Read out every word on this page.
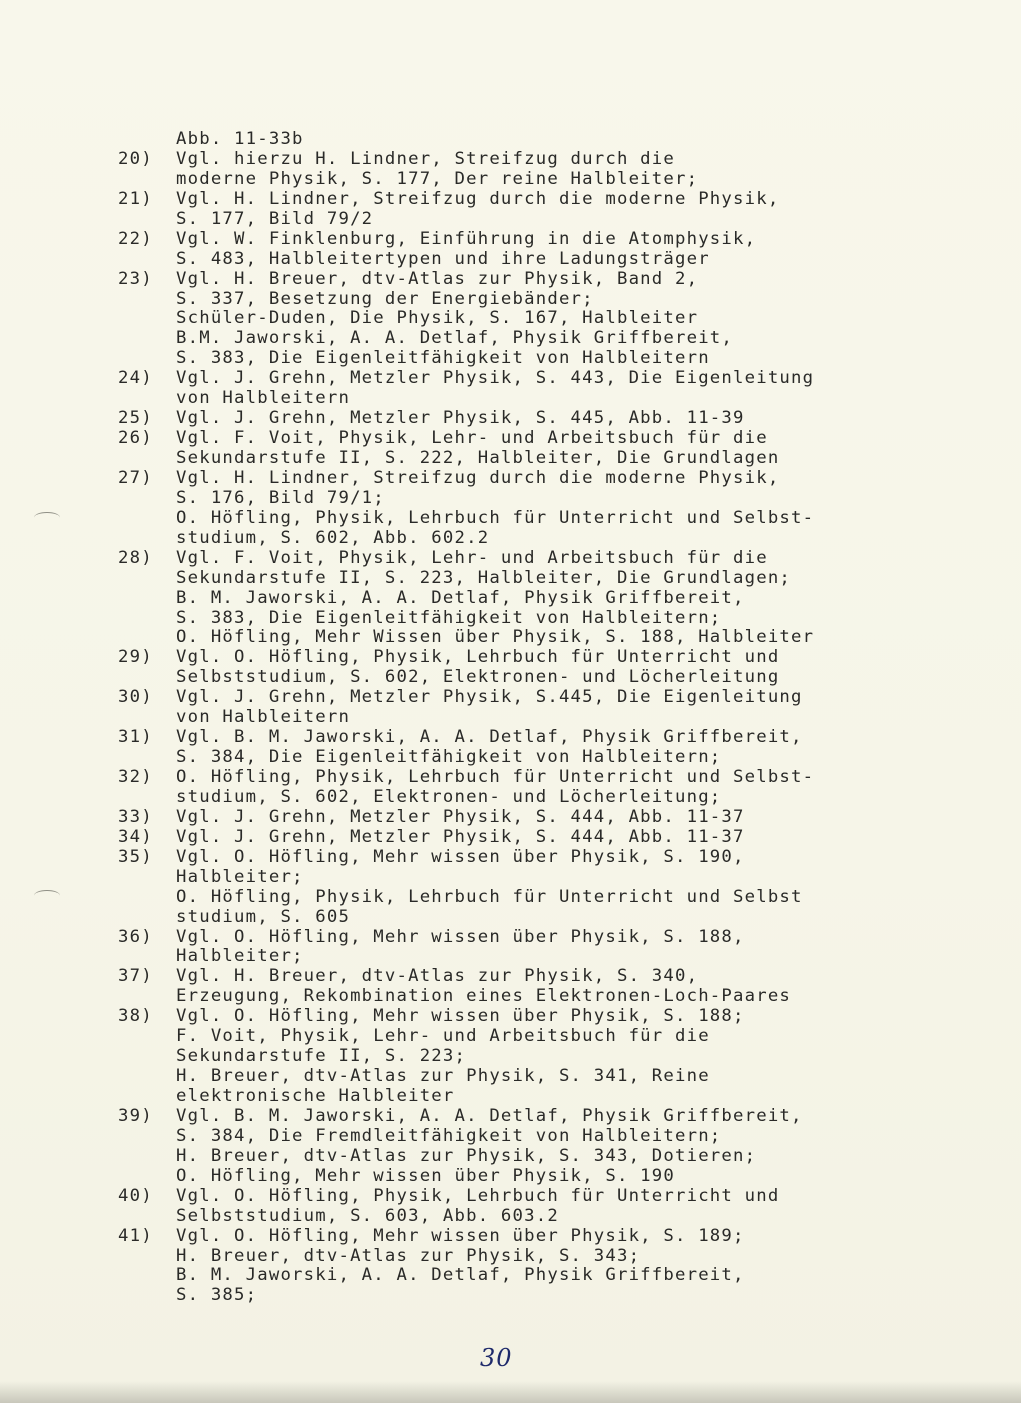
Abb. 11-33b
20)	Vgl. hierzu H. Lindner, Streifzug durch die
moderne Physik, S. 177, Der reine Halbleiter;
21)	Vgl. H. Lindner, Streifzug durch die moderne Physik,
S. 177, Bild 79/2
22)	Vgl. W. Finklenburg, Einführung in die Atomphysik,
S. 483, Halbleitertypen und ihre Ladungsträger
23)	Vgl. H. Breuer, dtv-Atlas zur Physik, Band 2,
S. 337, Besetzung der Energiebänder;
Schüler-Duden, Die Physik, S. 167, Halbleiter
B.M. Jaworski, A. A. Detlaf, Physik Griffbereit,
S. 383, Die Eigenleitfähigkeit von Halbleitern
24)	Vgl. J. Grehn, Metzler Physik, S. 443, Die Eigenleitung
von Halbleitern
25)	Vgl. J. Grehn, Metzler Physik, S. 445, Abb. 11-39
26)	Vgl. F. Voit, Physik, Lehr- und Arbeitsbuch für die
Sekundarstufe II, S. 222, Halbleiter, Die Grundlagen
27)	Vgl. H. Lindner, Streifzug durch die moderne Physik,
S. 176, Bild 79/1;
O. Höfling, Physik, Lehrbuch für Unterricht und Selbst-
studium, S. 602, Abb. 602.2
28)	Vgl. F. Voit, Physik, Lehr- und Arbeitsbuch für die
Sekundarstufe II, S. 223, Halbleiter, Die Grundlagen;
B. M. Jaworski, A. A. Detlaf, Physik Griffbereit,
S. 383, Die Eigenleitfähigkeit von Halbleitern;
O. Höfling, Mehr Wissen über Physik, S. 188, Halbleiter
29)	Vgl. O. Höfling, Physik, Lehrbuch für Unterricht und
Selbststudium, S. 602, Elektronen- und Löcherleitung
30)	Vgl. J. Grehn, Metzler Physik, S.445, Die Eigenleitung
von Halbleitern
31)	Vgl. B. M. Jaworski, A. A. Detlaf, Physik Griffbereit,
S. 384, Die Eigenleitfähigkeit von Halbleitern;
32)	O. Höfling, Physik, Lehrbuch für Unterricht und Selbst-
studium, S. 602, Elektronen- und Löcherleitung;
33)	Vgl. J. Grehn, Metzler Physik, S. 444, Abb. 11-37
34)	Vgl. J. Grehn, Metzler Physik, S. 444, Abb. 11-37
35)	Vgl. O. Höfling, Mehr wissen über Physik, S. 190,
Halbleiter;
O. Höfling, Physik, Lehrbuch für Unterricht und Selbst
studium, S. 605
36)	Vgl. O. Höfling, Mehr wissen über Physik, S. 188,
Halbleiter;
37)	Vgl. H. Breuer, dtv-Atlas zur Physik, S. 340,
Erzeugung, Rekombination eines Elektronen-Loch-Paares
38)	Vgl. O. Höfling, Mehr wissen über Physik, S. 188;
F. Voit, Physik, Lehr- und Arbeitsbuch für die
Sekundarstufe II, S. 223;
H. Breuer, dtv-Atlas zur Physik, S. 341, Reine
elektronische Halbleiter
39)	Vgl. B. M. Jaworski, A. A. Detlaf, Physik Griffbereit,
S. 384, Die Fremdleitfähigkeit von Halbleitern;
H. Breuer, dtv-Atlas zur Physik, S. 343, Dotieren;
O. Höfling, Mehr wissen über Physik, S. 190
40)	Vgl. O. Höfling, Physik, Lehrbuch für Unterricht und
Selbststudium, S. 603, Abb. 603.2
41)	Vgl. O. Höfling, Mehr wissen über Physik, S. 189;
H. Breuer, dtv-Atlas zur Physik, S. 343;
B. M. Jaworski, A. A. Detlaf, Physik Griffbereit,
S. 385;
30
